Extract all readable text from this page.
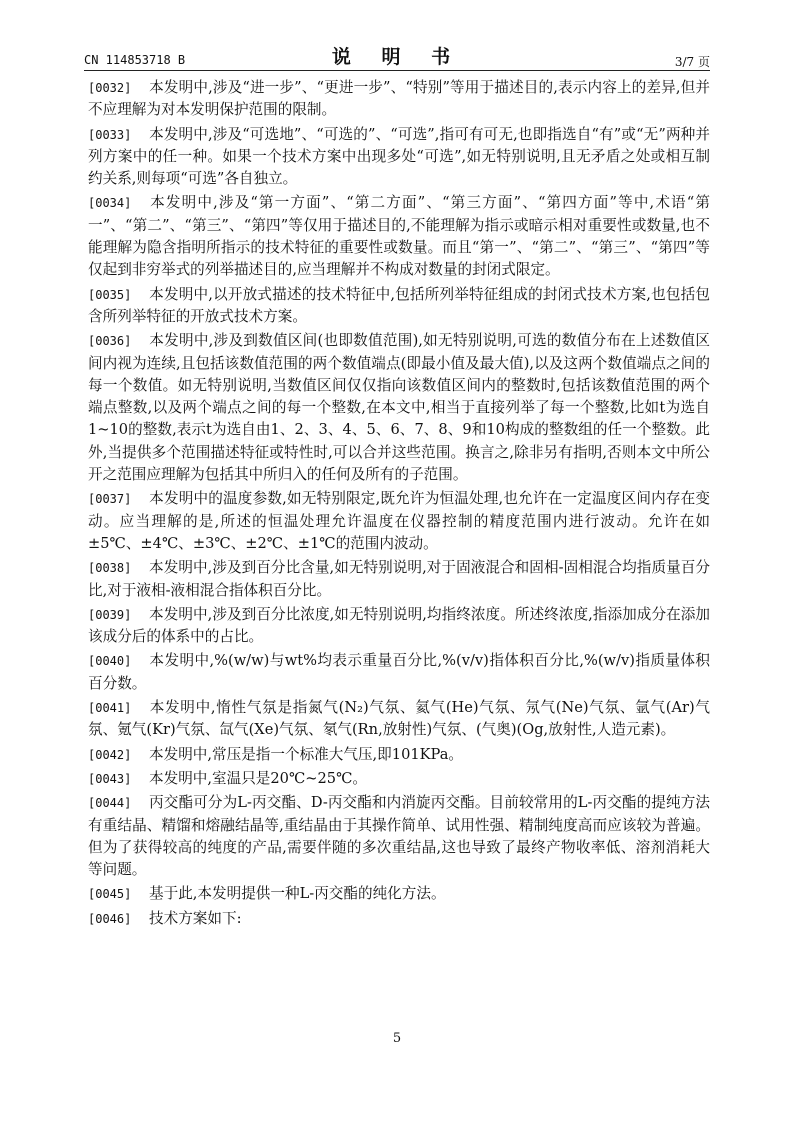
CN 114853718 B	说 明 书	3/7 页

[0032] 本发明中,涉及“进一步”、“更进一步”、“特别”等用于描述目的,表示内容上的差异,但并不应理解为对本发明保护范围的限制。

[0033] 本发明中,涉及“可选地”、“可选的”、“可选”,指可有可无,也即指选自“有”或“无”两种并列方案中的任一种。如果一个技术方案中出现多处“可选”,如无特别说明,且无矛盾之处或相互制约关系,则每项“可选”各自独立。

[0034] 本发明中,涉及“第一方面”、“第二方面”、“第三方面”、“第四方面”等中,术语“第一”、“第二”、“第三”、“第四”等仅用于描述目的,不能理解为指示或暗示相对重要性或数量,也不能理解为隐含指明所指示的技术特征的重要性或数量。而且“第一”、“第二”、“第三”、“第四”等仅起到非穷举式的列举描述目的,应当理解并不构成对数量的封闭式限定。

[0035] 本发明中,以开放式描述的技术特征中,包括所列举特征组成的封闭式技术方案,也包括包含所列举特征的开放式技术方案。

[0036] 本发明中,涉及到数值区间(也即数值范围),如无特别说明,可选的数值分布在上述数值区间内视为连续,且包括该数值范围的两个数值端点(即最小值及最大值),以及这两个数值端点之间的每一个数值。如无特别说明,当数值区间仅仅指向该数值区间内的整数时,包括该数值范围的两个端点整数,以及两个端点之间的每一个整数,在本文中,相当于直接列举了每一个整数,比如t为选自1~10的整数,表示t为选自由1、2、3、4、5、6、7、8、9和10构成的整数组的任一个整数。此外,当提供多个范围描述特征或特性时,可以合并这些范围。换言之,除非另有指明,否则本文中所公开之范围应理解为包括其中所归入的任何及所有的子范围。

[0037] 本发明中的温度参数,如无特别限定,既允许为恒温处理,也允许在一定温度区间内存在变动。应当理解的是,所述的恒温处理允许温度在仪器控制的精度范围内进行波动。允许在如±5℃、±4℃、±3℃、±2℃、±1℃的范围内波动。

[0038] 本发明中,涉及到百分比含量,如无特别说明,对于固液混合和固相-固相混合均指质量百分比,对于液相-液相混合指体积百分比。

[0039] 本发明中,涉及到百分比浓度,如无特别说明,均指终浓度。所述终浓度,指添加成分在添加该成分后的体系中的占比。

[0040] 本发明中,%(w/w)与wt%均表示重量百分比,%(v/v)指体积百分比,%(w/v)指质量体积百分数。

[0041] 本发明中,惰性气氛是指氮气(N₂)气氛、氦气(He)气氛、氖气(Ne)气氛、氩气(Ar)气氛、氪气(Kr)气氛、氙气(Xe)气氛、氡气(Rn,放射性)气氛、(气奥)(Og,放射性,人造元素)。

[0042] 本发明中,常压是指一个标准大气压,即101KPa。

[0043] 本发明中,室温只是20℃~25℃。

[0044] 丙交酯可分为L-丙交酯、D-丙交酯和内消旋丙交酯。目前较常用的L-丙交酯的提纯方法有重结晶、精馏和熔融结晶等,重结晶由于其操作简单、试用性强、精制纯度高而应该较为普遍。但为了获得较高的纯度的产品,需要伴随的多次重结晶,这也导致了最终产物收率低、溶剂消耗大等问题。

[0045] 基于此,本发明提供一种L-丙交酯的纯化方法。

[0046] 技术方案如下:

5
